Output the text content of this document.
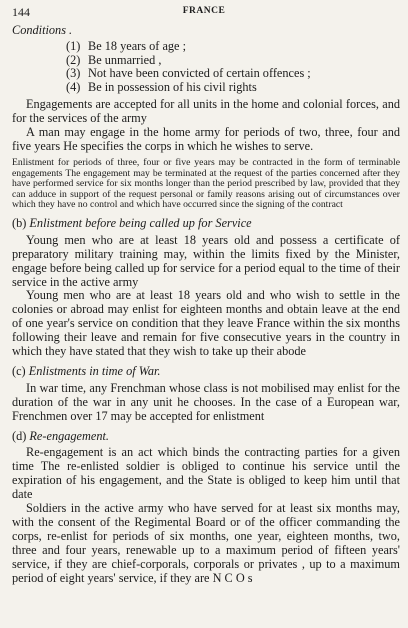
144	FRANCE
Conditions .
(1) Be 18 years of age ;
(2) Be unmarried ,
(3) Not have been convicted of certain offences ;
(4) Be in possession of his civil rights

Engagements are accepted for all units in the home and colonial forces, and for the services of the army

A man may engage in the home army for periods of two, three, four and five years He specifies the corps in which he wishes to serve.

Enlistment for periods of three, four or five years may be contracted in the form of terminable engagements The engagement may be terminated at the request of the parties concerned after they have performed service for six months longer than the period prescribed by law, provided that they can adduce in support of the request personal or family reasons arising out of circumstances over which they have no control and which have occurred since the signing of the contract

(b) Enlistment before being called up for Service

Young men who are at least 18 years old and possess a certificate of preparatory military training may, within the limits fixed by the Minister, engage before being called up for service for a period equal to the time of their service in the active army

Young men who are at least 18 years old and who wish to settle in the colonies or abroad may enlist for eighteen months and obtain leave at the end of one year's service on condition that they leave France within the six months following their leave and remain for five consecutive years in the country in which they have stated that they wish to take up their abode

(c) Enlistments in time of War.

In war time, any Frenchman whose class is not mobilised may enlist for the duration of the war in any unit he chooses. In the case of a European war, Frenchmen over 17 may be accepted for enlistment

(d) Re-engagement.

Re-engagement is an act which binds the contracting parties for a given time The re-enlisted soldier is obliged to continue his service until the expiration of his engagement, and the State is obliged to keep him until that date

Soldiers in the active army who have served for at least six months may, with the consent of the Regimental Board or of the officer commanding the corps, re-enlist for periods of six months, one year, eighteen months, two, three and four years, renewable up to a maximum period of fifteen years' service, if they are chief-corporals, corporals or privates , up to a maximum period of eight years' service, if they are N C O s
